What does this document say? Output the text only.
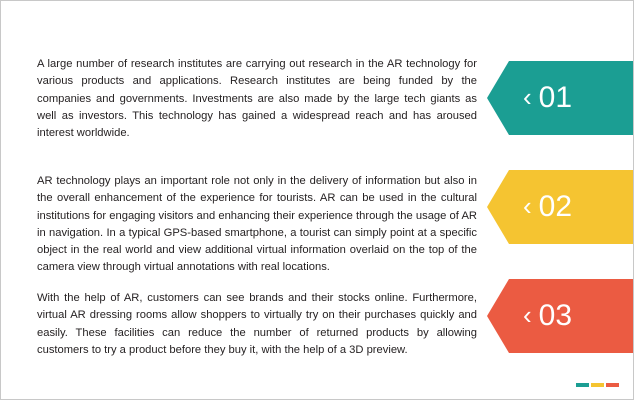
A large number of research institutes are carrying out research in the AR technology for various products and applications. Research institutes are being funded by the companies and governments. Investments are also made by the large tech giants as well as investors. This technology has gained a widespread reach and has aroused interest worldwide.
AR technology plays an important role not only in the delivery of information but also in the overall enhancement of the experience for tourists. AR can be used in the cultural institutions for engaging visitors and enhancing their experience through the usage of AR in navigation. In a typical GPS-based smartphone, a tourist can simply point at a specific object in the real world and view additional virtual information overlaid on the top of the camera view through virtual annotations with real locations.
With the help of AR, customers can see brands and their stocks online. Furthermore, virtual AR dressing rooms allow shoppers to virtually try on their purchases quickly and easily. These facilities can reduce the number of returned products by allowing customers to try a product before they buy it, with the help of a 3D preview.
‹ 01
‹ 02
‹ 03
